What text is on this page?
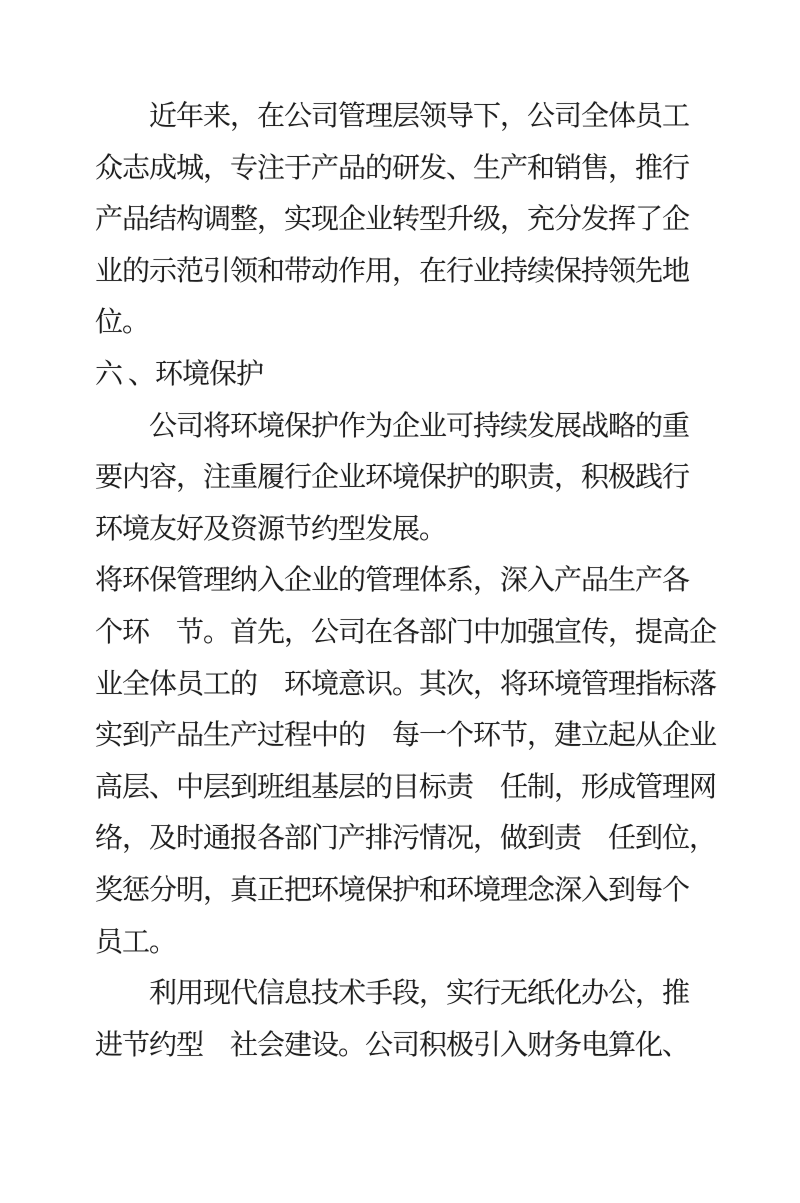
　　近年来，在公司管理层领导下，公司全体员工
众志成城，专注于产品的研发、生产和销售，推行
产品结构调整，实现企业转型升级，充分发挥了企
业的示范引领和带动作用，在行业持续保持领先地
位。
六 、环境保护
　　公司将环境保护作为企业可持续发展战略的重
要内容，注重履行企业环境保护的职责，积极践行
环境友好及资源节约型发展。
将环保管理纳入企业的管理体系，深入产品生产各
个环　节。首先，公司在各部门中加强宣传，提高企
业全体员工的　环境意识。其次，将环境管理指标落
实到产品生产过程中的　每一个环节，建立起从企业
高层、中层到班组基层的目标责　任制，形成管理网
络，及时通报各部门产排污情况，做到责　任到位，
奖惩分明，真正把环境保护和环境理念深入到每个
员工。
　　利用现代信息技术手段，实行无纸化办公，推
进节约型　社会建设。公司积极引入财务电算化、
